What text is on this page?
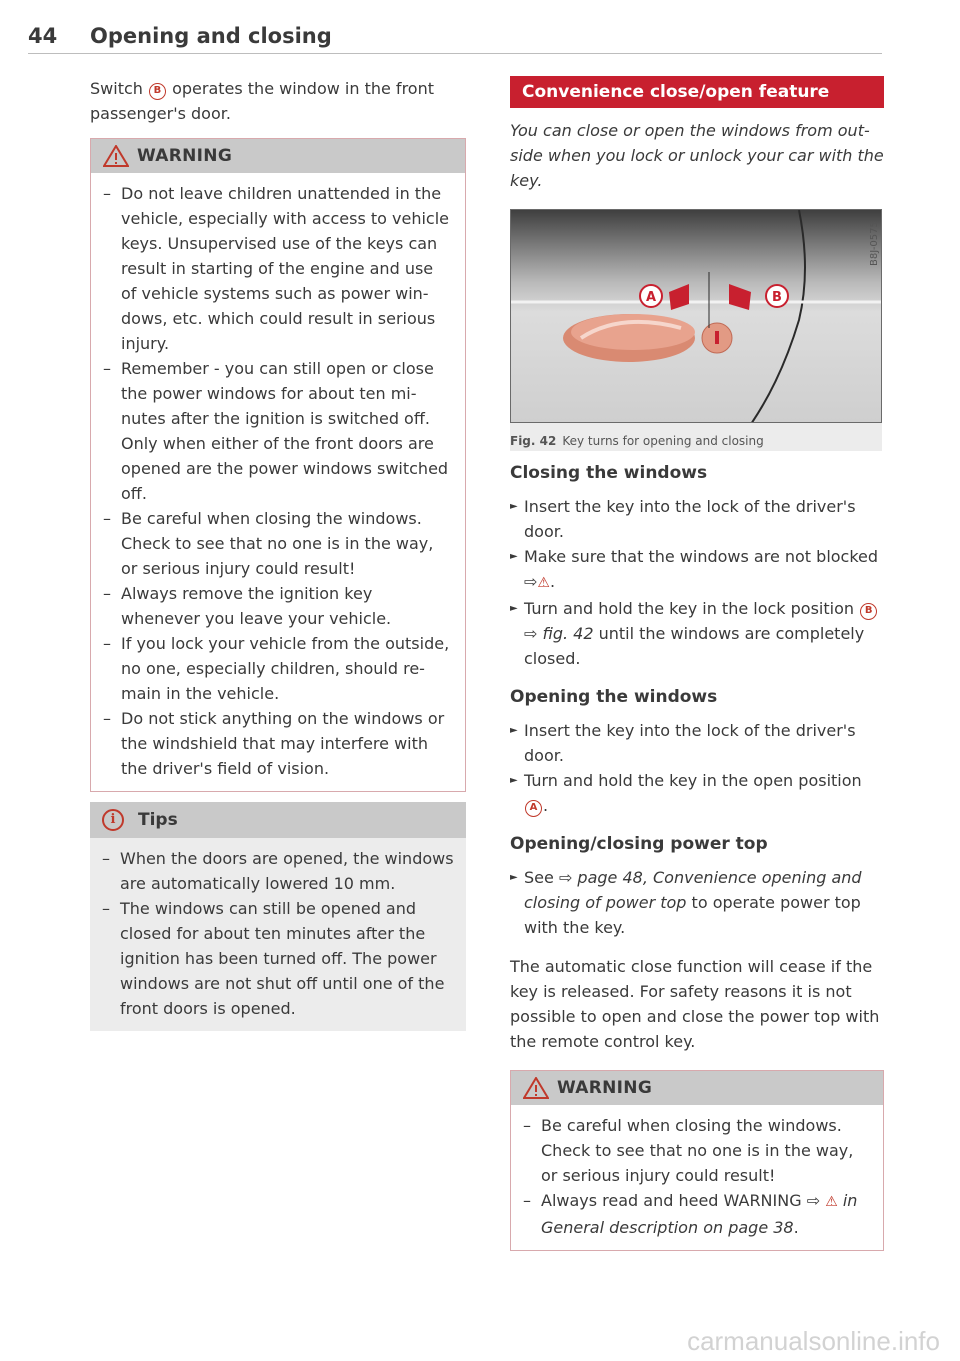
44 Opening and closing

Switch B operates the window in the front passenger's door.

WARNING
– Do not leave children unattended in the vehicle, especially with access to vehicle keys. Unsupervised use of the keys can result in starting of the engine and use of vehicle systems such as power windows, etc. which could result in serious injury.
– Remember - you can still open or close the power windows for about ten minutes after the ignition is switched off. Only when either of the front doors are opened are the power windows switched off.
– Be careful when closing the windows. Check to see that no one is in the way, or serious injury could result!
– Always remove the ignition key whenever you leave your vehicle.
– If you lock your vehicle from the outside, no one, especially children, should remain in the vehicle.
– Do not stick anything on the windows or the windshield that may interfere with the driver's field of vision.
i	Tips
– When the doors are opened, the windows are automatically lowered 10 mm.
– The windows can still be opened and closed for about ten minutes after the ignition has been turned off. The power windows are not shut off until one of the front doors is opened.
Convenience close/open feature

You can close or open the windows from outside when you lock or unlock your car with the key.

A	B
B8J-0575
Fig. 42 Key turns for opening and closing
Closing the windows
► Insert the key into the lock of the driver's door.
► Make sure that the windows are not blocked ⇨⚠.
► Turn and hold the key in the lock position B ⇨ fig. 42 until the windows are completely closed.
Opening the windows
► Insert the key into the lock of the driver's door.
► Turn and hold the key in the open position A .
Opening/closing power top
► See ⇨ page 48, Convenience opening and closing of power top to operate power top with the key.

The automatic close function will cease if the key is released. For safety reasons it is not possible to open and close the power top with the remote control key.

WARNING
– Be careful when closing the windows. Check to see that no one is in the way, or serious injury could result!
– Always read and heed WARNING ⇨ ⚠ in General description on page 38.
carmanualsonline.info
